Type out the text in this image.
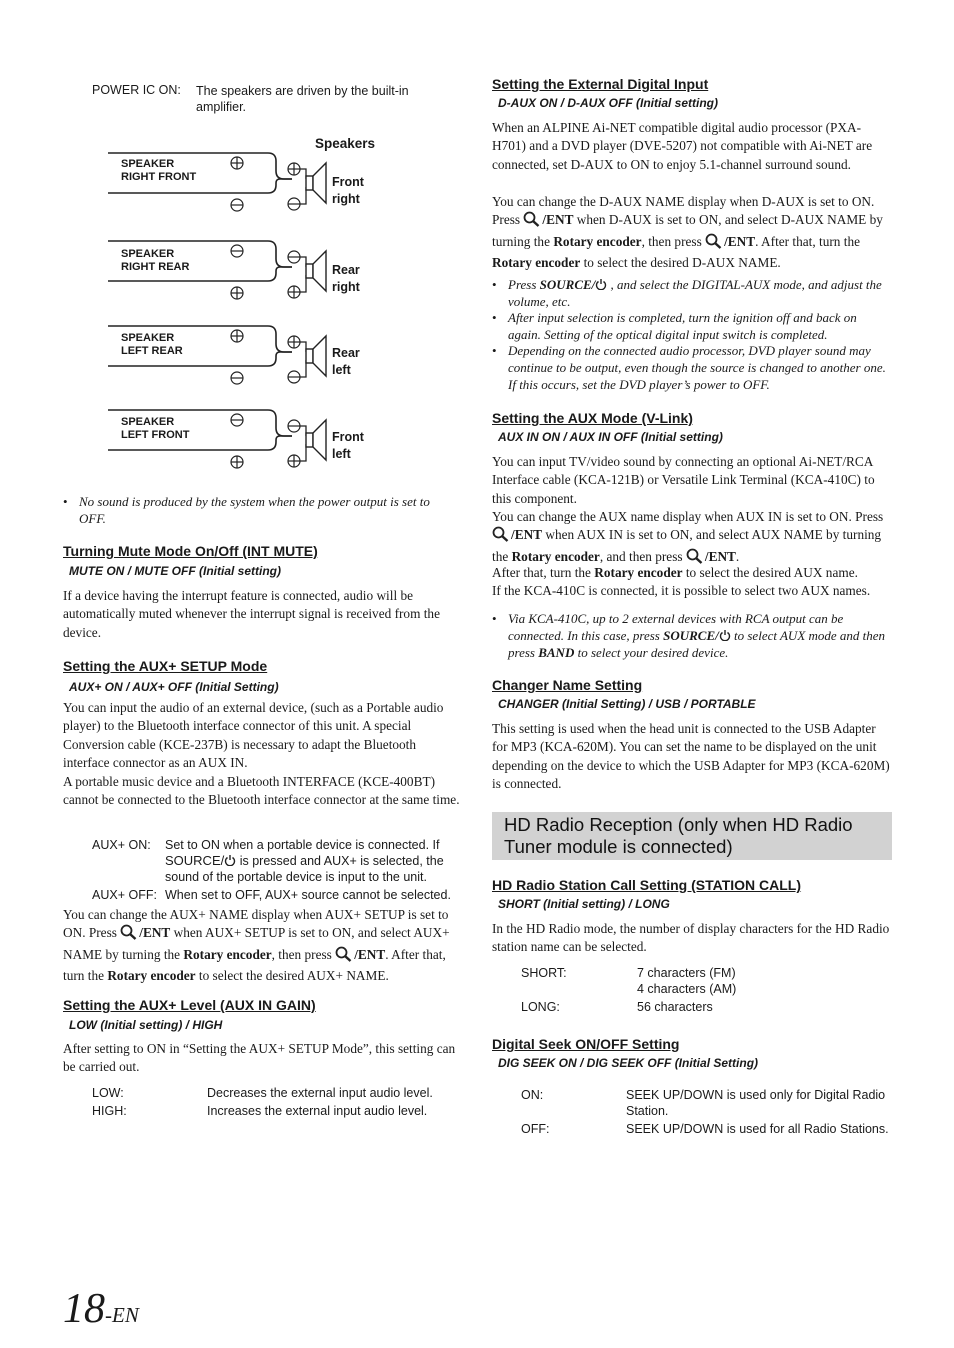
POWER IC ON: The speakers are driven by the built-in amplifier.
Speakers
SPEAKER
RIGHT FRONT
SPEAKER
RIGHT REAR
SPEAKER
LEFT REAR
SPEAKER
LEFT FRONT
Front
right
Rear
right
Rear
left
Front
left
• No sound is produced by the system when the power output is set to OFF.
Turning Mute Mode On/Off (INT MUTE)
MUTE ON / MUTE OFF (Initial setting)
If a device having the interrupt feature is connected, audio will be automatically muted whenever the interrupt signal is received from the device.
Setting the AUX+ SETUP Mode
AUX+ ON / AUX+ OFF (Initial Setting)
You can input the audio of an external device, (such as a Portable audio player) to the Bluetooth interface connector of this unit. A special Conversion cable (KCE-237B) is necessary to adapt the Bluetooth interface connector as an AUX IN.
A portable music device and a Bluetooth INTERFACE (KCE-400BT) cannot be connected to the Bluetooth interface connector at the same time.
AUX+ ON: Set to ON when a portable device is connected. If
SOURCE/ is pressed and AUX+ is selected, the
sound of the portable device is input to the unit.
AUX+ OFF: When set to OFF, AUX+ source cannot be selected.
You can change the AUX+ NAME display when AUX+ SETUP is set to ON. Press /ENT when AUX+ SETUP is set to ON, and select AUX+ NAME by turning the Rotary encoder, then press /ENT. After that, turn the Rotary encoder to select the desired AUX+ NAME.
Setting the AUX+ Level (AUX IN GAIN)
LOW (Initial setting) / HIGH
After setting to ON in “Setting the AUX+ SETUP Mode”, this setting can be carried out.
LOW:	Decreases the external input audio level.
HIGH:	Increases the external input audio level.
Setting the External Digital Input
D-AUX ON / D-AUX OFF (Initial setting)
When an ALPINE Ai-NET compatible digital audio processor (PXA-H701) and a DVD player (DVE-5207) not compatible with Ai-NET are connected, set D-AUX to ON to enjoy 5.1-channel surround sound.
You can change the D-AUX NAME display when D-AUX is set to ON. Press /ENT when D-AUX is set to ON, and select D-AUX NAME by turning the Rotary encoder, then press /ENT. After that, turn the Rotary encoder to select the desired D-AUX NAME.
• Press SOURCE/ , and select the DIGITAL-AUX mode, and adjust the volume, etc.
• After input selection is completed, turn the ignition off and back on again. Setting of the optical digital input switch is completed.
• Depending on the connected audio processor, DVD player sound may continue to be output, even though the source is changed to another one. If this occurs, set the DVD player’s power to OFF.
Setting the AUX Mode (V-Link)
AUX IN ON / AUX IN OFF (Initial setting)
You can input TV/video sound by connecting an optional Ai-NET/RCA Interface cable (KCA-121B) or Versatile Link Terminal (KCA-410C) to this component.
You can change the AUX name display when AUX IN is set to ON. Press /ENT when AUX IN is set to ON, and select AUX NAME by turning the Rotary encoder, and then press /ENT.
After that, turn the Rotary encoder to select the desired AUX name.
If the KCA-410C is connected, it is possible to select two AUX names.
• Via KCA-410C, up to 2 external devices with RCA output can be connected. In this case, press SOURCE/ to select AUX mode and then press BAND to select your desired device.
Changer Name Setting
CHANGER (Initial Setting) / USB / PORTABLE
This setting is used when the head unit is connected to the USB Adapter for MP3 (KCA-620M). You can set the name to be displayed on the unit depending on the device to which the USB Adapter for MP3 (KCA-620M) is connected.
HD Radio Reception (only when HD Radio Tuner module is connected)
HD Radio Station Call Setting (STATION CALL)
SHORT (Initial setting) / LONG
In the HD Radio mode, the number of display characters for the HD Radio station name can be selected.
SHORT:	7 characters (FM)
4 characters (AM)
LONG:	56 characters
Digital Seek ON/OFF Setting
DIG SEEK ON / DIG SEEK OFF (Initial Setting)
ON:	SEEK UP/DOWN is used only for Digital Radio Station.
OFF:	SEEK UP/DOWN is used for all Radio Stations.
18-EN
